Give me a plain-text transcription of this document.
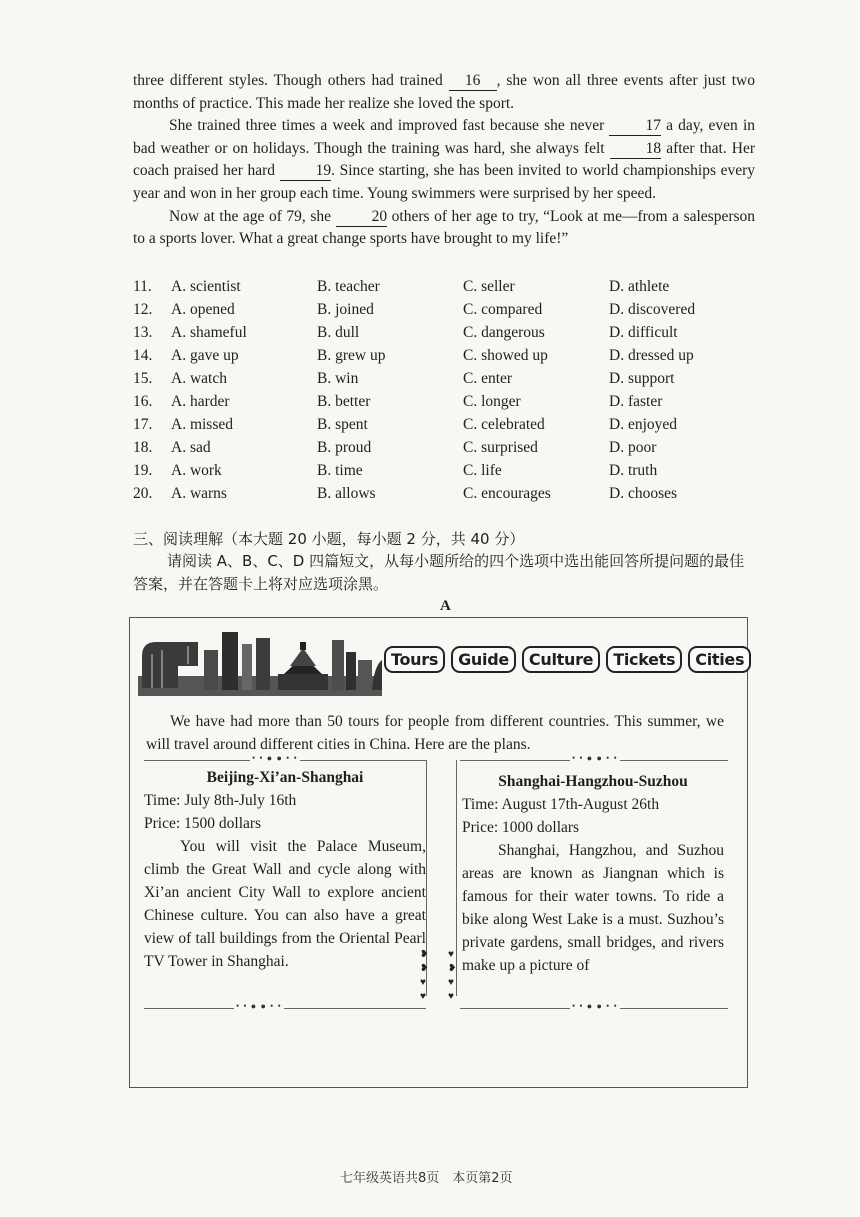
three different styles. Though others had trained 16 , she won all three events after just two months of practice. This made her realize she loved the sport.

She trained three times a week and improved fast because she never	17 a day, even in bad weather or on holidays. Though the training was hard, she always felt	18 after that. Her coach praised her hard	19. Since starting, she has been invited to world championships every year and won in her group each time. Young swimmers were surprised by her speed.

Now at the age of 79, she	20 others of her age to try, “Look at me—from a salesperson to a sports lover. What a great change sports have brought to my life!”

11.	A. scientist	B. teacher	C. seller	D. athlete
12.	A. opened	B. joined	C. compared	D. discovered
13.	A. shameful	B. dull	C. dangerous	D. difficult
14.	A. gave up	B. grew up	C. showed up	D. dressed up
15.	A. watch	B. win	C. enter	D. support
16.	A. harder	B. better	C. longer	D. faster
17.	A. missed	B. spent	C. celebrated	D. enjoyed
18.	A. sad	B. proud	C. surprised	D. poor
19.	A. work	B. time	C. life	D. truth
20.	A. warns	B. allows	C. encourages	D. chooses
三、阅读理解（本大题 20 小题，每小题 2 分，共 40 分）
请阅读 A、B、C、D 四篇短文，从每小题所给的四个选项中选出能回答所提问题的最佳答案，并在答题卡上将对应选项涂黑。
A
Tours	Guide	Culture	Tickets	Cities
We have had more than 50 tours for people from different countries. This summer, we will travel around different cities in China. Here are the plans.
• • ● ● • •	• • ● ● • •

Beijing-Xi’an-Shanghai

Time: July 8th-July 16th

Price: 1500 dollars

You will visit the Palace Museum, climb the Great Wall and cycle along with Xi’an ancient City Wall to explore ancient Chinese culture. You can also have a great view of tall buildings from the Oriental Pearl TV Tower in Shanghai.

Shanghai-Hangzhou-Suzhou

Time: August 17th-August 26th

Price: 1000 dollars

Shanghai, Hangzhou, and Suzhou areas are known as Jiangnan which is famous for their water towns. To ride a bike along West Lake is a must. Suzhou’s private gardens, small bridges, and rivers make up a picture of

❥
❥
♥
♥
♥
❥
♥
♥
• • ● ● • •	• • ● ● • •
七年级英语共8页　本页第2页
